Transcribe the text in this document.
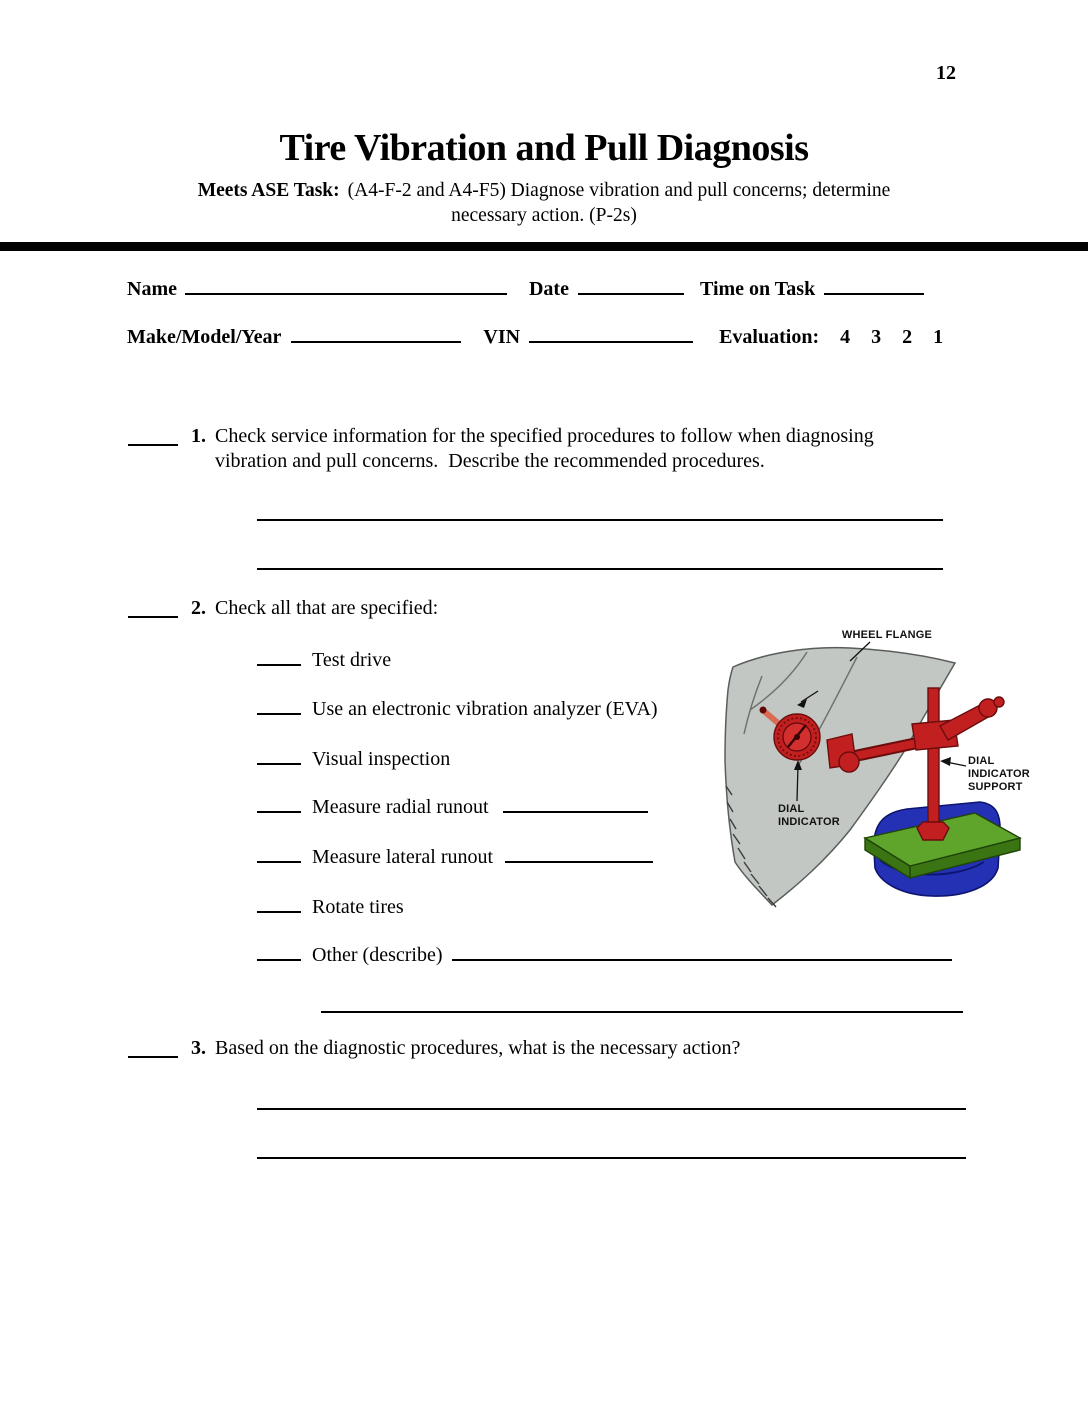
12
Tire Vibration and Pull Diagnosis
Meets ASE Task: (A4-F-2 and A4-F5) Diagnose vibration and pull concerns; determine
necessary action. (P-2s)
Name	Date	Time on Task
Make/Model/Year	VIN	Evaluation: 4 3 2 1
1. Check service information for the specified procedures to follow when diagnosing vibration and pull concerns.  Describe the recommended procedures.
2. Check all that are specified:
Test drive
Use an electronic vibration analyzer (EVA)
Visual inspection
Measure radial runout
Measure lateral runout
Rotate tires
Other (describe)
3. Based on the diagnostic procedures, what is the necessary action?
WHEEL FLANGE
DIAL
INDICATOR
DIAL
INDICATOR
SUPPORT
